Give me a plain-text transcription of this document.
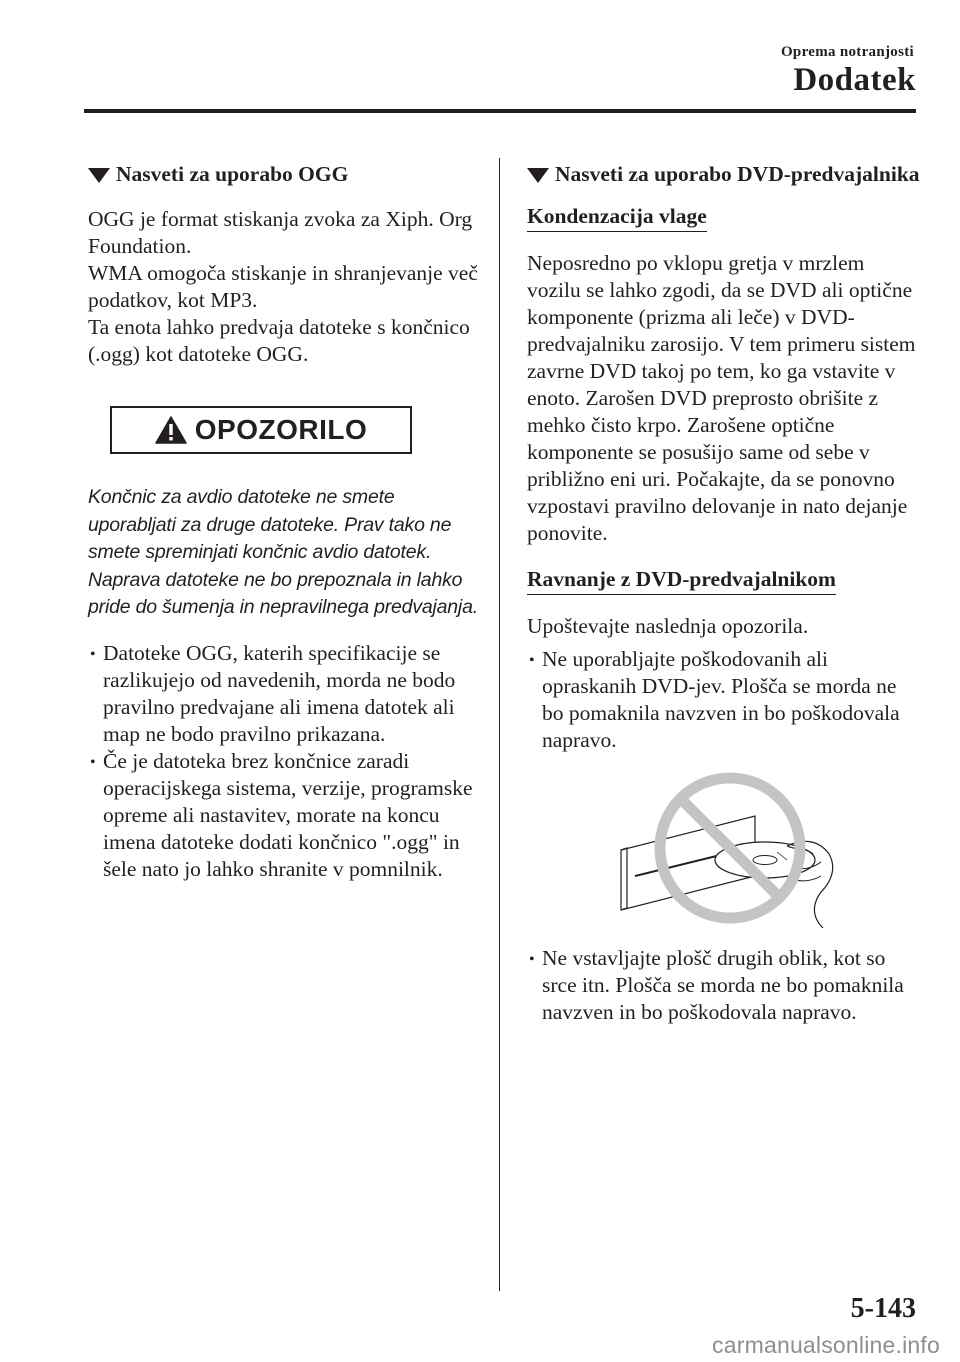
Oprema notranjosti
Dodatek
Nasveti za uporabo OGG
OGG je format stiskanja zvoka za Xiph. Org Foundation.
WMA omogoča stiskanje in shranjevanje več podatkov, kot MP3.
Ta enota lahko predvaja datoteke s končnico (.ogg) kot datoteke OGG.
OPOZORILO
Končnic za avdio datoteke ne smete uporabljati za druge datoteke. Prav tako ne smete spreminjati končnic avdio datotek. Naprava datoteke ne bo prepoznala in lahko pride do šumenja in nepravilnega predvajanja.
• Datoteke OGG, katerih specifikacije se razlikujejo od navedenih, morda ne bodo pravilno predvajane ali imena datotek ali map ne bodo pravilno prikazana.
• Če je datoteka brez končnice zaradi operacijskega sistema, verzije, programske opreme ali nastavitev, morate na koncu imena datoteke dodati končnico ".ogg" in šele nato jo lahko shranite v pomnilnik.
Nasveti za uporabo DVD-predvajalnika
Kondenzacija vlage
Neposredno po vklopu gretja v mrzlem vozilu se lahko zgodi, da se DVD ali optične komponente (prizma ali leče) v DVD-predvajalniku zarosijo. V tem primeru sistem zavrne DVD takoj po tem, ko ga vstavite v enoto. Zarošen DVD preprosto obrišite z mehko čisto krpo. Zarošene optične komponente se posušijo same od sebe v približno eni uri. Počakajte, da se ponovno vzpostavi pravilno delovanje in nato dejanje ponovite.
Ravnanje z DVD-predvajalnikom
Upoštevajte naslednja opozorila.
• Ne uporabljajte poškodovanih ali opraskanih DVD-jev. Plošča se morda ne bo pomaknila navzven in bo poškodovala napravo.
• Ne vstavljajte plošč drugih oblik, kot so srce itn. Plošča se morda ne bo pomaknila navzven in bo poškodovala napravo.
5-143
carmanualsonline.info
